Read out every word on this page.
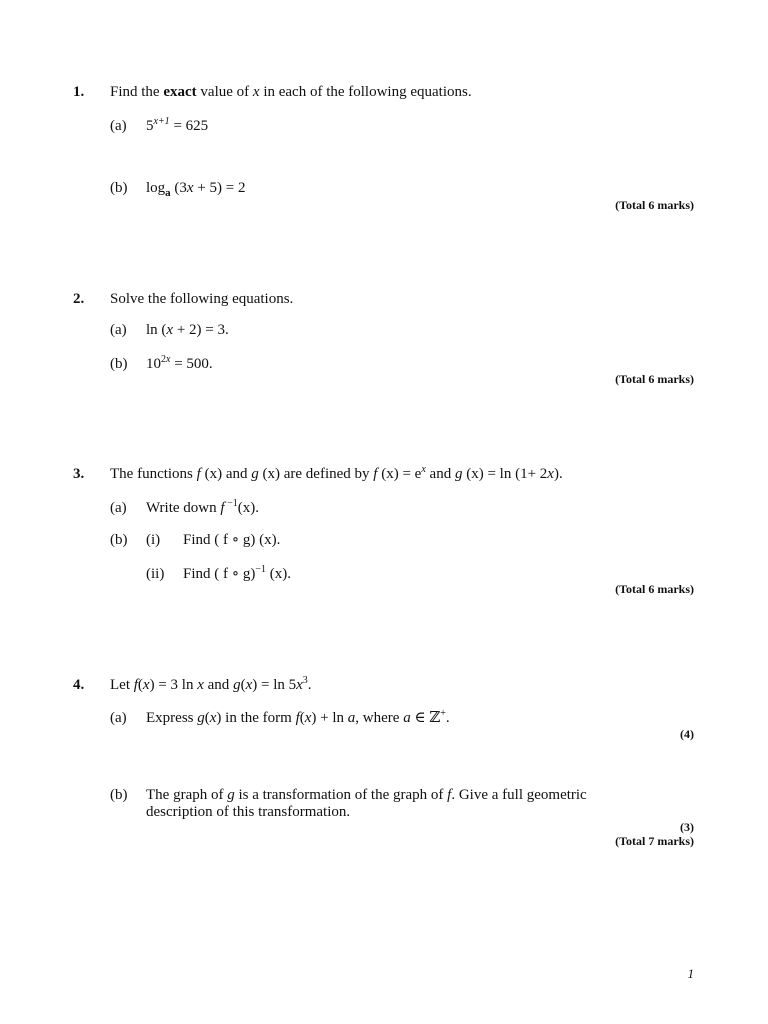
1. Find the exact value of x in each of the following equations.
(a) $5^{x+1} = 625$
(b) $\log_a (3x + 5) = 2$
(Total 6 marks)
2. Solve the following equations.
(a) ln (x + 2) = 3.
(b) $10^{2x} = 500$.
(Total 6 marks)
3. The functions f (x) and g (x) are defined by f $(x) = e^x$ and g (x) = ln (1+ 2x).
(a) Write down f $^{-1}$(x).
(b) (i) Find ( f ∘ g) (x).
(ii) Find ( f ∘ g)$^{-1}$ (x).
(Total 6 marks)
4. Let f(x) = 3 ln x and $g(x) = \ln 5x^3$.
(a) Express g(x) in the form f(x) + ln a, where a ∈ ℤ+.
(4)
(b) The graph of g is a transformation of the graph of f. Give a full geometric
description of this transformation.
(3)
(Total 7 marks)
1
